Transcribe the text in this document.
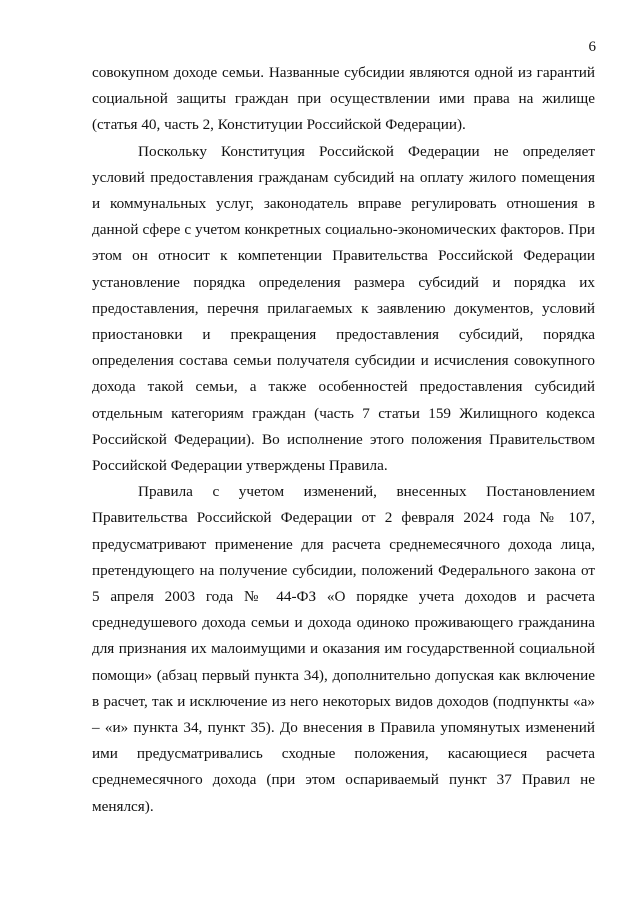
6

совокупном доходе семьи. Названные субсидии являются одной из гарантий социальной защиты граждан при осуществлении ими права на жилище (статья 40, часть 2, Конституции Российской Федерации).

Поскольку Конституция Российской Федерации не определяет условий предоставления гражданам субсидий на оплату жилого помещения и коммунальных услуг, законодатель вправе регулировать отношения в данной сфере с учетом конкретных социально-экономических факторов. При этом он относит к компетенции Правительства Российской Федерации установление порядка определения размера субсидий и порядка их предоставления, перечня прилагаемых к заявлению документов, условий приостановки и прекращения предоставления субсидий, порядка определения состава семьи получателя субсидии и исчисления совокупного дохода такой семьи, а также особенностей предоставления субсидий отдельным категориям граждан (часть 7 статьи 159 Жилищного кодекса Российской Федерации). Во исполнение этого положения Правительством Российской Федерации утверждены Правила.

Правила с учетом изменений, внесенных Постановлением Правительства Российской Федерации от 2 февраля 2024 года № 107, предусматривают применение для расчета среднемесячного дохода лица, претендующего на получение субсидии, положений Федерального закона от 5 апреля 2003 года № 44-ФЗ «О порядке учета доходов и расчета среднедушевого дохода семьи и дохода одиноко проживающего гражданина для признания их малоимущими и оказания им государственной социальной помощи» (абзац первый пункта 34), дополнительно допуская как включение в расчет, так и исключение из него некоторых видов доходов (подпункты «а» – «и» пункта 34, пункт 35). До внесения в Правила упомянутых изменений ими предусматривались сходные положения, касающиеся расчета среднемесячного дохода (при этом оспариваемый пункт 37 Правил не менялся).
